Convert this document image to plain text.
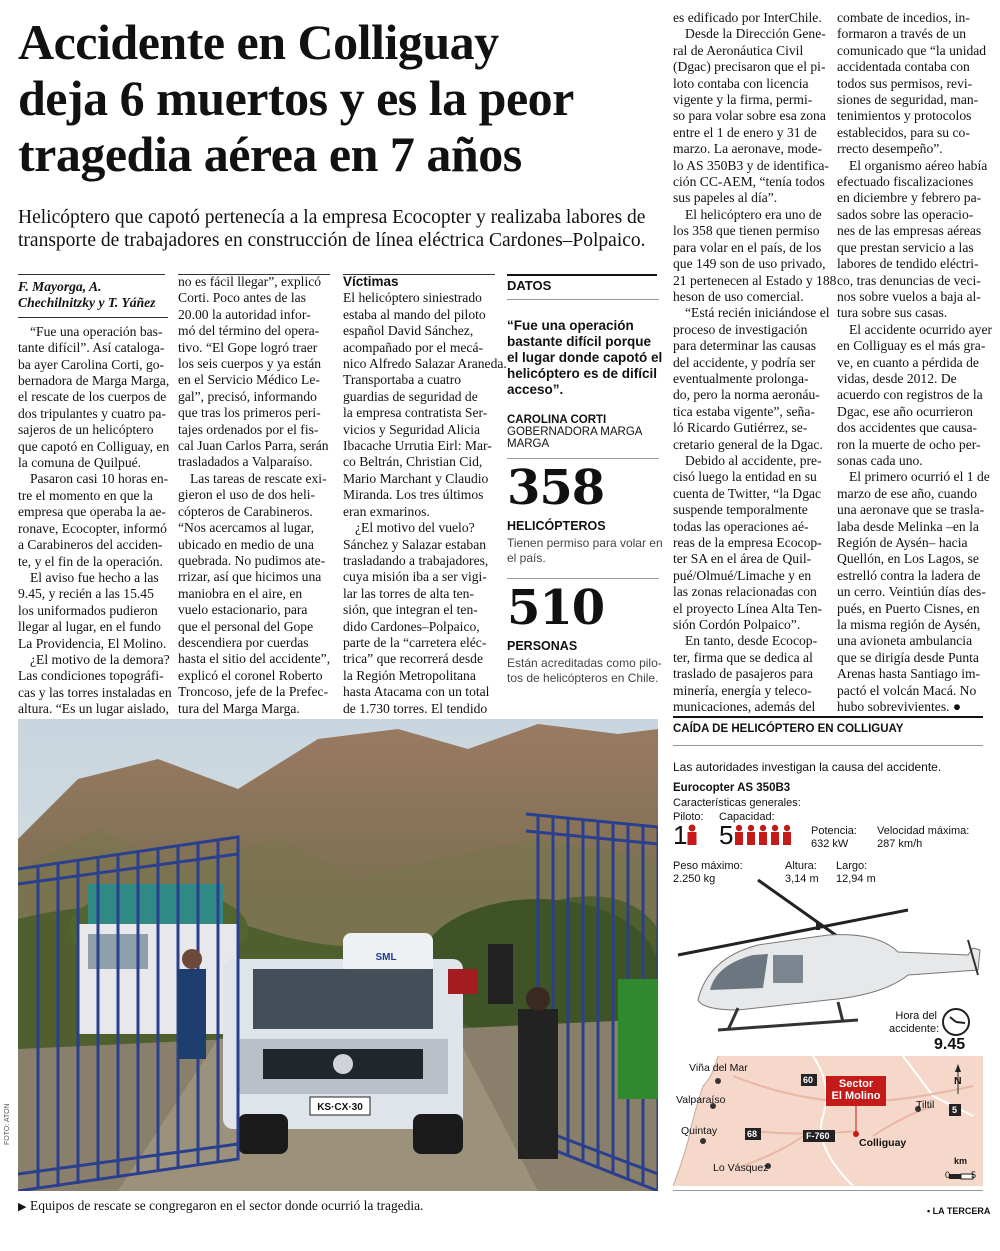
Accidente en Colliguay
deja 6 muertos y es la peor
tragedia aérea en 7 años
Helicóptero que capotó pertenecía a la empresa Ecocopter y realizaba labores de
transporte de trabajadores en construcción de línea eléctrica Cardones–Polpaico.
F. Mayorga, A.
Chechilnitzky y T. Yáñez
“Fue una operación bas-
tante difícil”. Así cataloga-
ba ayer Carolina Corti, go-
bernadora de Marga Marga,
el rescate de los cuerpos de
dos tripulantes y cuatro pa-
sajeros de un helicóptero
que capotó en Colliguay, en
la comuna de Quilpué.
Pasaron casi 10 horas en-
tre el momento en que la
empresa que operaba la ae-
ronave, Ecocopter, informó
a Carabineros del acciden-
te, y el fin de la operación.
El aviso fue hecho a las
9.45, y recién a las 15.45
los uniformados pudieron
llegar al lugar, en el fundo
La Providencia, El Molino.
¿El motivo de la demora?
Las condiciones topográfi-
cas y las torres instaladas en
altura. “Es un lugar aislado,
no es fácil llegar”, explicó
Corti. Poco antes de las
20.00 la autoridad infor-
mó del término del opera-
tivo. “El Gope logró traer
los seis cuerpos y ya están
en el Servicio Médico Le-
gal”, precisó, informando
que tras los primeros peri-
tajes ordenados por el fis-
cal Juan Carlos Parra, serán
trasladados a Valparaíso.
Las tareas de rescate exi-
gieron el uso de dos heli-
cópteros de Carabineros.
“Nos acercamos al lugar,
ubicado en medio de una
quebrada. No pudimos ate-
rrizar, así que hicimos una
maniobra en el aire, en
vuelo estacionario, para
que el personal del Gope
descendiera por cuerdas
hasta el sitio del accidente”,
explicó el coronel Roberto
Troncoso, jefe de la Prefec-
tura del Marga Marga.
Víctimas
El helicóptero siniestrado
estaba al mando del piloto
español David Sánchez,
acompañado por el mecá-
nico Alfredo Salazar Araneda.
Transportaba a cuatro
guardias de seguridad de
la empresa contratista Ser-
vicios y Seguridad Alicia
Ibacache Urrutia Eirl: Mar-
co Beltrán, Christian Cid,
Mario Marchant y Claudio
Miranda. Los tres últimos
eran exmarinos.
¿El motivo del vuelo?
Sánchez y Salazar estaban
trasladando a trabajadores,
cuya misión iba a ser vigi-
lar las torres de alta ten-
sión, que integran el ten-
dido Cardones–Polpaico,
parte de la “carretera eléc-
trica” que recorrerá desde
la Región Metropolitana
hasta Atacama con un total
de 1.730 torres. El tendido
DATOS
“Fue una operación
bastante difícil porque
el lugar donde capotó el
helicóptero es de difícil
acceso”.
CAROLINA CORTI
GOBERNADORA MARGA MARGA
358
HELICÓPTEROS
Tienen permiso para volar en
el país.
510
PERSONAS
Están acreditadas como pilo-
tos de helicópteros en Chile.
es edificado por InterChile.
Desde la Dirección Gene-
ral de Aeronáutica Civil
(Dgac) precisaron que el pi-
loto contaba con licencia
vigente y la firma, permi-
so para volar sobre esa zona
entre el 1 de enero y 31 de
marzo. La aeronave, mode-
lo AS 350B3 y de identifica-
ción CC-AEM, “tenía todos
sus papeles al día”.
El helicóptero era uno de
los 358 que tienen permiso
para volar en el país, de los
que 149 son de uso privado,
21 pertenecen al Estado y 188
heson de uso comercial.
“Está recién iniciándose el
proceso de investigación
para determinar las causas
del accidente, y podría ser
eventualmente prolonga-
do, pero la norma aeronáu-
tica estaba vigente”, seña-
ló Ricardo Gutiérrez, se-
cretario general de la Dgac.
Debido al accidente, pre-
cisó luego la entidad en su
cuenta de Twitter, “la Dgac
suspende temporalmente
todas las operaciones aé-
reas de la empresa Ecocop-
ter SA en el área de Quil-
pué/Olmué/Limache y en
las zonas relacionadas con
el proyecto Línea Alta Ten-
sión Cordón Polpaico”.
En tanto, desde Ecocop-
ter, firma que se dedica al
traslado de pasajeros para
minería, energía y teleco-
municaciones, además del
combate de incedios, in-
formaron a través de un
comunicado que “la unidad
accidentada contaba con
todos sus permisos, revi-
siones de seguridad, man-
tenimientos y protocolos
establecidos, para su co-
rrecto desempeño”.
El organismo aéreo había
efectuado fiscalizaciones
en diciembre y febrero pa-
sados sobre las operacio-
nes de las empresas aéreas
que prestan servicio a las
labores de tendido eléctri-
co, tras denuncias de veci-
nos sobre vuelos a baja al-
tura sobre sus casas.
El accidente ocurrido ayer
en Colliguay es el más gra-
ve, en cuanto a pérdida de
vidas, desde 2012. De
acuerdo con registros de la
Dgac, ese año ocurrieron
dos accidentes que causa-
ron la muerte de ocho per-
sonas cada uno.
El primero ocurrió el 1 de
marzo de ese año, cuando
una aeronave que se trasla-
laba desde Melinka –en la
Región de Aysén– hacia
Quellón, en Los Lagos, se
estrelló contra la ladera de
un cerro. Veintiún días des-
pués, en Puerto Cisnes, en
la misma región de Aysén,
una avioneta ambulancia
que se dirigía desde Punta
Arenas hasta Santiago im-
pactó el volcán Macá. No
hubo sobrevivientes. ●
SML
KS·CX·30
FOTO: ATON
▶ Equipos de rescate se congregaron en el sector donde ocurrió la tragedia.
CAÍDA DE HELICÓPTERO EN COLLIGUAY
Las autoridades investigan la causa del accidente.
Eurocopter AS 350B3
Características generales:
Piloto:
1
Capacidad:
5	Potencia:
632 kW
Velocidad máxima:
287 km/h
Peso máximo:
2.250 kg
Altura:
3,14 m
Largo:
12,94 m
Hora del
accidente:
9.45
Viña del Mar
Valparaíso
Quintay
Lo Vásquez
Colliguay
Tiltil
60
68	F-760
5
Sector
El Molino
N
km
0 5
• LA TERCERA
